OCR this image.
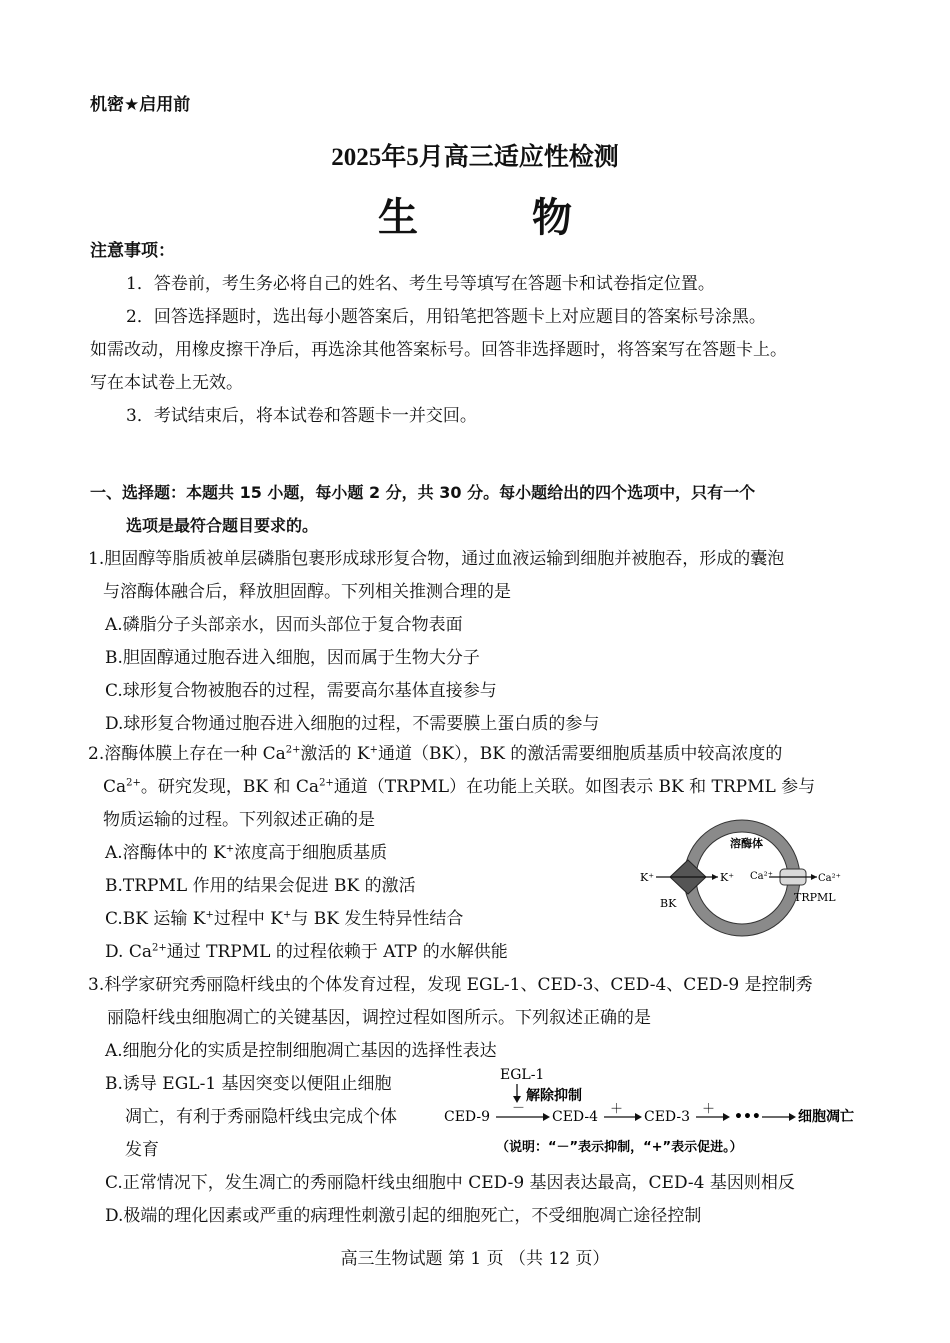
机密★启用前
2025年5月高三适应性检测
生 物
注意事项：
1．答卷前，考生务必将自己的姓名、考生号等填写在答题卡和试卷指定位置。
2．回答选择题时，选出每小题答案后，用铅笔把答题卡上对应题目的答案标号涂黑。
如需改动，用橡皮擦干净后，再选涂其他答案标号。回答非选择题时，将答案写在答题卡上。
写在本试卷上无效。
3．考试结束后，将本试卷和答题卡一并交回。
一、选择题：本题共 15 小题，每小题 2 分，共 30 分。每小题给出的四个选项中，只有一个
选项是最符合题目要求的。
1.胆固醇等脂质被单层磷脂包裹形成球形复合物，通过血液运输到细胞并被胞吞，形成的囊泡
与溶酶体融合后，释放胆固醇。下列相关推测合理的是
A.磷脂分子头部亲水，因而头部位于复合物表面
B.胆固醇通过胞吞进入细胞，因而属于生物大分子
C.球形复合物被胞吞的过程，需要高尔基体直接参与
D.球形复合物通过胞吞进入细胞的过程，不需要膜上蛋白质的参与
2.溶酶体膜上存在一种 $Ca^{2+}$激活的 K+通道（BK），BK 的激活需要细胞质基质中较高浓度的
$Ca^{2+}$。研究发现，BK 和 $Ca^{2+}$通道（TRPML）在功能上关联。如图表示 BK 和 TRPML 参与
物质运输的过程。下列叙述正确的是
A.溶酶体中的 K+浓度高于细胞质基质
B.TRPML 作用的结果会促进 BK 的激活
C.BK 运输 K+过程中 K+与 BK 发生特异性结合
D. $Ca^{2+}$通过 TRPML 的过程依赖于 ATP 的水解供能
溶酶体
K⁺	K⁺
BK
Ca²⁺	Ca²⁺
TRPML
3.科学家研究秀丽隐杆线虫的个体发育过程，发现 EGL-1、CED-3、CED-4、CED-9 是控制秀
丽隐杆线虫细胞凋亡的关键基因，调控过程如图所示。下列叙述正确的是
A.细胞分化的实质是控制细胞凋亡基因的选择性表达
B.诱导 EGL-1 基因突变以便阻止细胞
凋亡，有利于秀丽隐杆线虫完成个体
发育
C.正常情况下，发生凋亡的秀丽隐杆线虫细胞中 CED-9 基因表达最高，CED-4 基因则相反
D.极端的理化因素或严重的病理性刺激引起的细胞死亡，不受细胞凋亡途径控制
EGL-1
解除抑制
CED-9
－
CED-4 ＋ CED-3 ＋ •••	细胞凋亡
（说明：“－”表示抑制，“+”表示促进。）
高三生物试题 第 1 页 （共 12 页）
